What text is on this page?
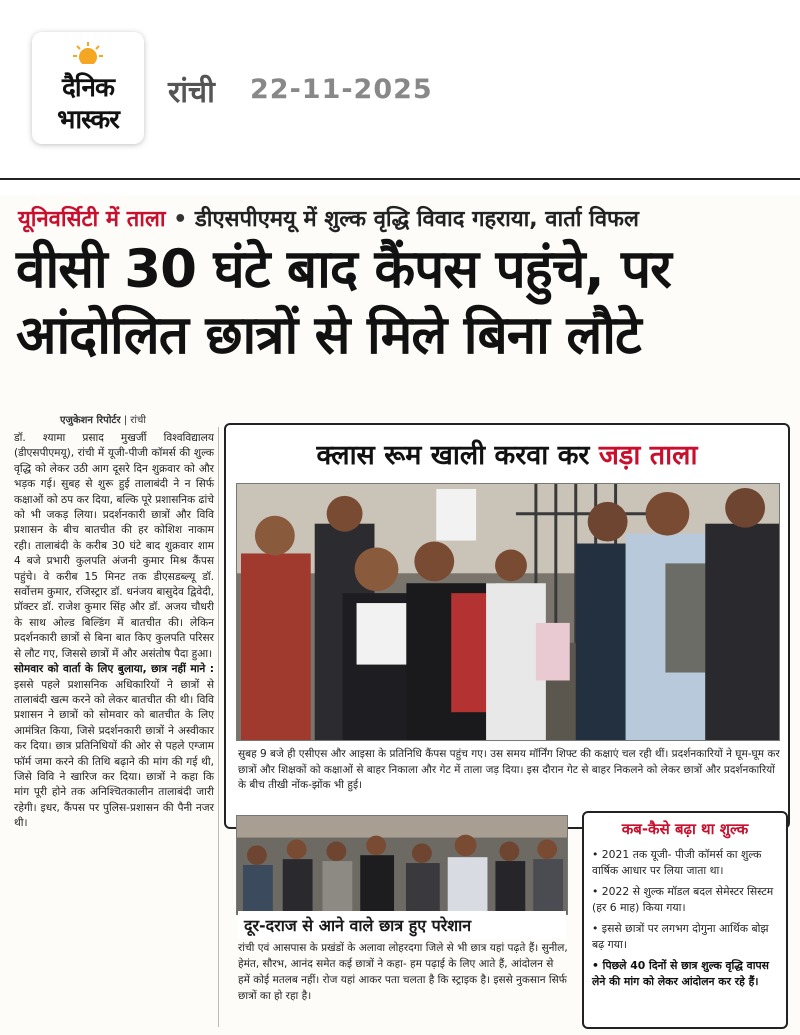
दैनिक
भास्कर
रांची 22-11-2025
यूनिवर्सिटी में ताला • डीएसपीएमयू में शुल्क वृद्धि विवाद गहराया, वार्ता विफल
वीसी 30 घंटे बाद कैंपस पहुंचे, पर
आंदोलित छात्रों से मिले बिना लौटे
एजुकेशन रिपोर्टर | रांची

डॉ. श्यामा प्रसाद मुखर्जी विश्वविद्यालय (डीएसपीएमयू), रांची में यूजी-पीजी कॉमर्स की शुल्क वृद्धि को लेकर उठी आग दूसरे दिन शुक्रवार को और भड़क गई। सुबह से शुरू हुई तालाबंदी ने न सिर्फ कक्षाओं को ठप कर दिया, बल्कि पूरे प्रशासनिक ढांचे को भी जकड़ लिया। प्रदर्शनकारी छात्रों और विवि प्रशासन के बीच बातचीत की हर कोशिश नाकाम रही। तालाबंदी के करीब 30 घंटे बाद शुक्रवार शाम 4 बजे प्रभारी कुलपति अंजनी कुमार मिश्र कैंपस पहुंचे। वे करीब 15 मिनट तक डीएसडब्ल्यू डॉ. सर्वोत्तम कुमार, रजिस्ट्रार डॉ. धनंजय बासुदेव द्विवेदी, प्रॉक्टर डॉ. राजेश कुमार सिंह और डॉ. अजय चौधरी के साथ ओल्ड बिल्डिंग में बातचीत की। लेकिन प्रदर्शनकारी छात्रों से बिना बात किए कुलपति परिसर से लौट गए, जिससे छात्रों में और असंतोष पैदा हुआ।

सोमवार को वार्ता के लिए बुलाया, छात्र नहीं माने : इससे पहले प्रशासनिक अधिकारियों ने छात्रों से तालाबंदी खत्म करने को लेकर बातचीत की थी। विवि प्रशासन ने छात्रों को सोमवार को बातचीत के लिए आमंत्रित किया, जिसे प्रदर्शनकारी छात्रों ने अस्वीकार कर दिया। छात्र प्रतिनिधियों की ओर से पहले एग्जाम फॉर्म जमा करने की तिथि बढ़ाने की मांग की गई थी, जिसे विवि ने खारिज कर दिया। छात्रों ने कहा कि मांग पूरी होने तक अनिश्चितकालीन तालाबंदी जारी रहेगी। इधर, कैंपस पर पुलिस-प्रशासन की पैनी नजर थी।

क्लास रूम खाली करवा कर जड़ा ताला
सुबह 9 बजे ही एसीएस और आइसा के प्रतिनिधि कैंपस पहुंच गए। उस समय मॉर्निंग शिफ्ट की कक्षाएं चल रही थीं। प्रदर्शनकारियों ने घूम-घूम कर छात्रों और शिक्षकों को कक्षाओं से बाहर निकाला और गेट में ताला जड़ दिया। इस दौरान गेट से बाहर निकलने को लेकर छात्रों और प्रदर्शनकारियों के बीच तीखी नोंक-झोंक भी हुई।
दूर-दराज से आने वाले छात्र हुए परेशान
रांची एवं आसपास के प्रखंडों के अलावा लोहरदगा जिले से भी छात्र यहां पढ़ते हैं। सुनील, हेमंत, सौरभ, आनंद समेत कई छात्रों ने कहा- हम पढ़ाई के लिए आते हैं, आंदोलन से हमें कोई मतलब नहीं। रोज यहां आकर पता चलता है कि स्ट्राइक है। इससे नुकसान सिर्फ छात्रों का हो रहा है।
कब-कैसे बढ़ा था शुल्क
• 2021 तक यूजी- पीजी कॉमर्स का शुल्क वार्षिक आधार पर लिया जाता था।
• 2022 से शुल्क मॉडल बदल सेमेस्टर सिस्टम (हर 6 माह) किया गया।
• इससे छात्रों पर लगभग दोगुना आर्थिक बोझ बढ़ गया।
• पिछले 40 दिनों से छात्र शुल्क वृद्धि वापस लेने की मांग को लेकर आंदोलन कर रहे हैं।
